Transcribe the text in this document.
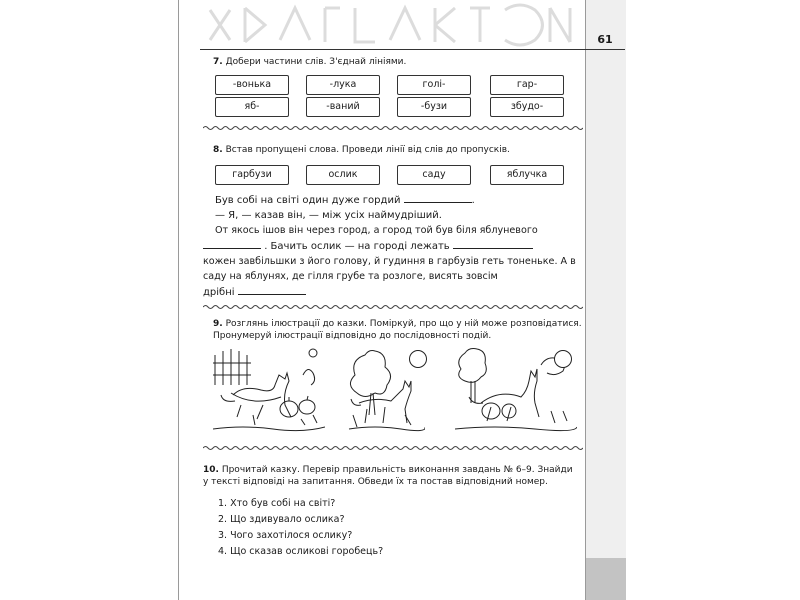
61
7. Добери частини слів. З'єднай лініями.
-вонька	-лука	голі-	гар-
яб-	-ваний	-бузи	збудо-
8. Встав пропущені слова. Проведи лінії від слів до пропусків.
гарбузи	ослик	саду	яблучка
Був собі на світі один дуже гордий	.
— Я, — казав він, — між усіх наймудріший.
От якось ішов він через город, а город той був біля яблуневого
. Бачить ослик — на городі лежать
кожен завбільшки з його голову, й гудиння в гарбузів геть тоненьке. А в саду на яблунях, де гілля грубе та розлоге, висять зовсім
дрібні
9. Розглянь ілюстрації до казки. Поміркуй, про що у ній може розповідатися. Пронумеруй ілюстрації відповідно до послідовності подій.
10. Прочитай казку. Перевір правильність виконання завдань № 6–9. Знайди у тексті відповіді на запитання. Обведи їх та постав відповідний номер.
1. Хто був собі на світі?
2. Що здивувало ослика?
3. Чого захотілося ослику?
4. Що сказав осликові горобець?
